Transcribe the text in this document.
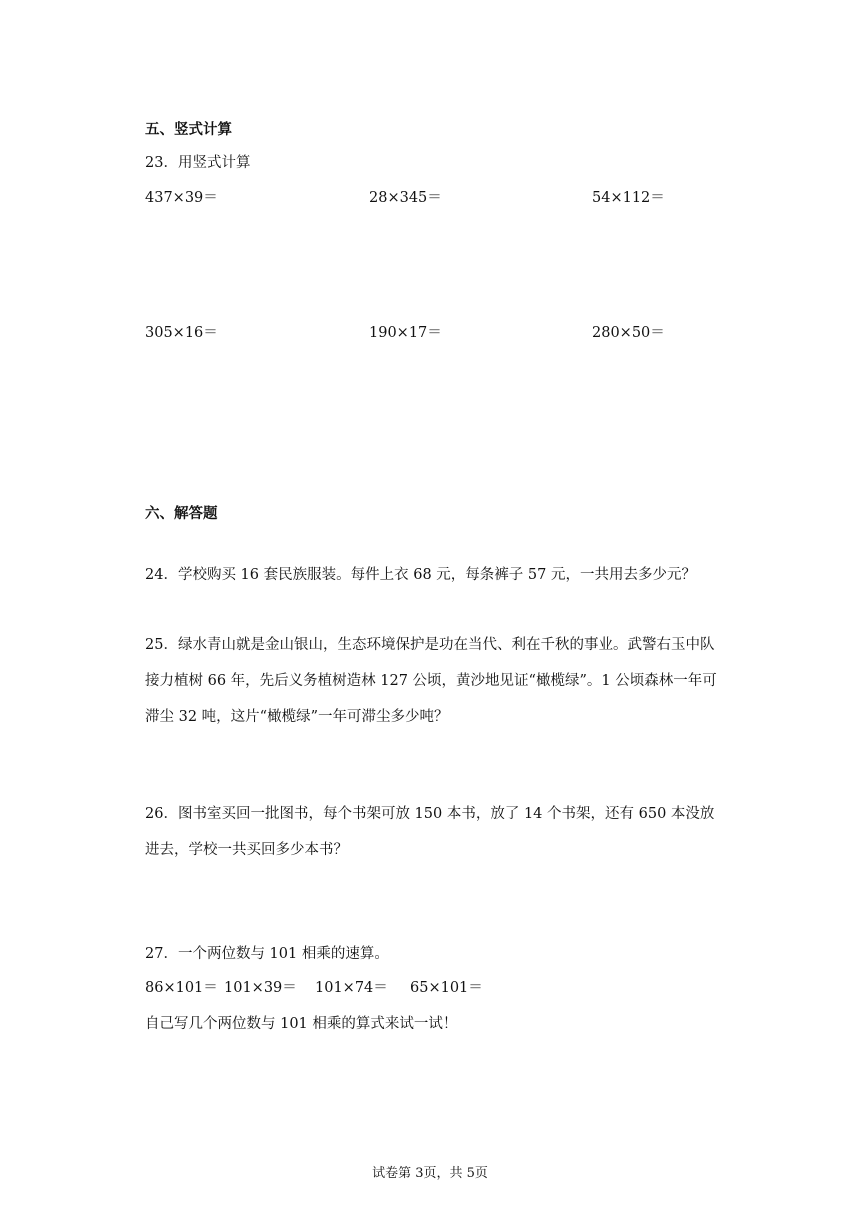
五、竖式计算
23．用竖式计算
437×39＝	28×345＝	54×112＝
305×16＝	190×17＝	280×50＝
六、解答题
24．学校购买 16 套民族服装。每件上衣 68 元，每条裤子 57 元，一共用去多少元？
25．绿水青山就是金山银山，生态环境保护是功在当代、利在千秋的事业。武警右玉中队接力植树 66 年，先后义务植树造林 127 公顷，黄沙地见证“橄榄绿”。1 公顷森林一年可滞尘 32 吨，这片“橄榄绿”一年可滞尘多少吨？
26．图书室买回一批图书，每个书架可放 150 本书，放了 14 个书架，还有 650 本没放进去，学校一共买回多少本书？
27．一个两位数与 101 相乘的速算。
86×101＝ 101×39＝ 101×74＝ 65×101＝
自己写几个两位数与 101 相乘的算式来试一试！
试卷第 3页，共 5页
